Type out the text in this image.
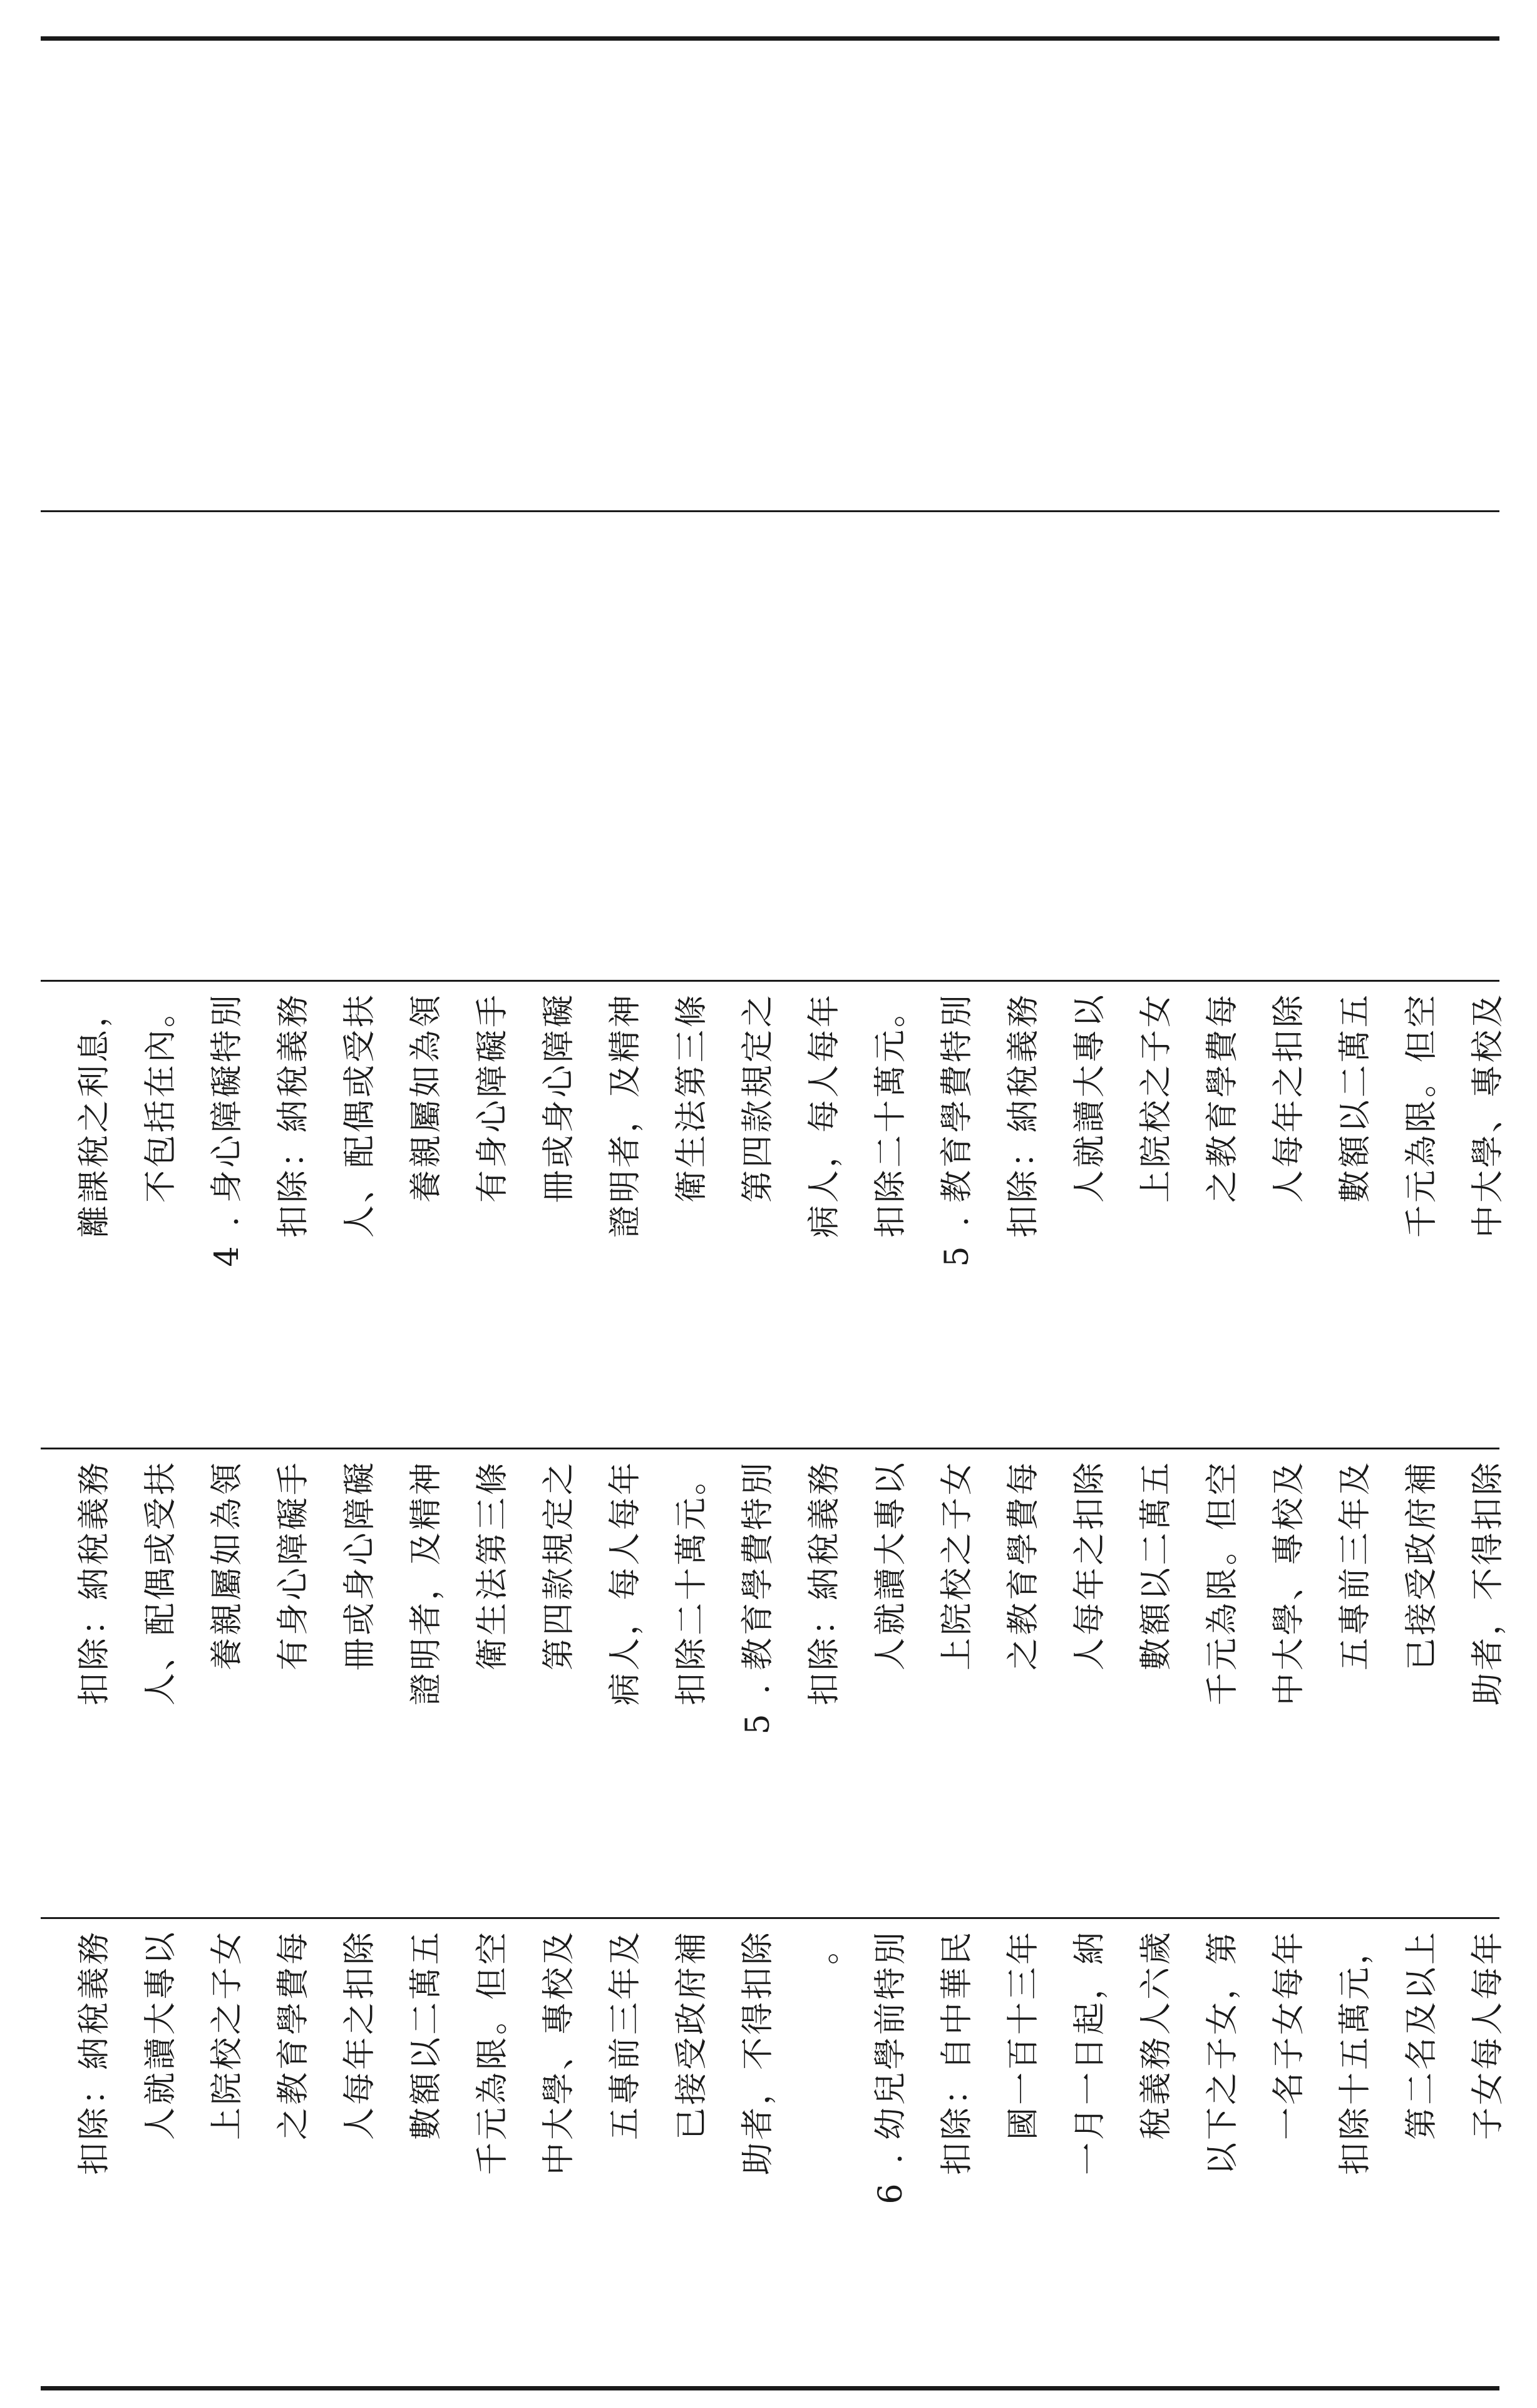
，
息
利
之
稅
課
離
。
內
在
括
包
不
別
特
礙
障
心
身
.
4
務
義
稅
納
：
除
扣
扶
受
或
偶
配
、
人
領
為
如
屬
親
養
手
礙
障
心
身
有
礙
障
心
身
或
冊
神
精
及
，
者
明
證
條
三
第
法
生
衛
之
定
規
款
四
第
年
每
人
每
，
人
病
。
元
萬
十
二
除
扣
別
特
費
學
育
教
.
5
務
義
稅
納
：
除
扣
以
專
大
讀
就
人
女
子
之
校
院
上
每
費
學
育
教
之
除
扣
之
年
每
人
五
萬
二
以
額
數
空
但
。
限
為
元
千
及
校
專
、
學
大
中
務
義
稅
納
：
除
扣
扶
受
或
偶
配
、
人
領
為
如
屬
親
養
手
礙
障
心
身
有
礙
障
心
身
或
冊
神
精
及
，
者
明
證
條
三
第
法
生
衛
之
定
規
款
四
第
年
每
人
每
，
人
病
。
元
萬
十
二
除
扣
別
特
費
學
育
教
.
5
務
義
稅
納
：
除
扣
以
專
大
讀
就
人
女
子
之
校
院
上
每
費
學
育
教
之
除
扣
之
年
每
人
五
萬
二
以
額
數
空
但
。
限
為
元
千
及
校
專
、
學
大
中
及
年
三
前
專
五
補
府
政
受
接
已
除
扣
得
不
，
者
助
務
義
稅
納
：
除
扣
以
專
大
讀
就
人
女
子
之
校
院
上
每
費
學
育
教
之
除
扣
之
年
每
人
五
萬
二
以
額
數
空
但
。
限
為
元
千
及
校
專
、
學
大
中
及
年
三
前
專
五
補
府
政
受
接
已
除
扣
得
不
，
者
助
。 別
特
前
學
兒
幼
.
6
民
華
中
自
：
除
扣
年
三
十
百
一
國
納
，
起
日
一
月
一
歲
六
人
務
義
稅
第
，
女
子
之
下
以
年
每
女
子
名
一
，
元
萬
五
十
除
扣
上
以
及
名
二
第
年
每
人
每
女
子
